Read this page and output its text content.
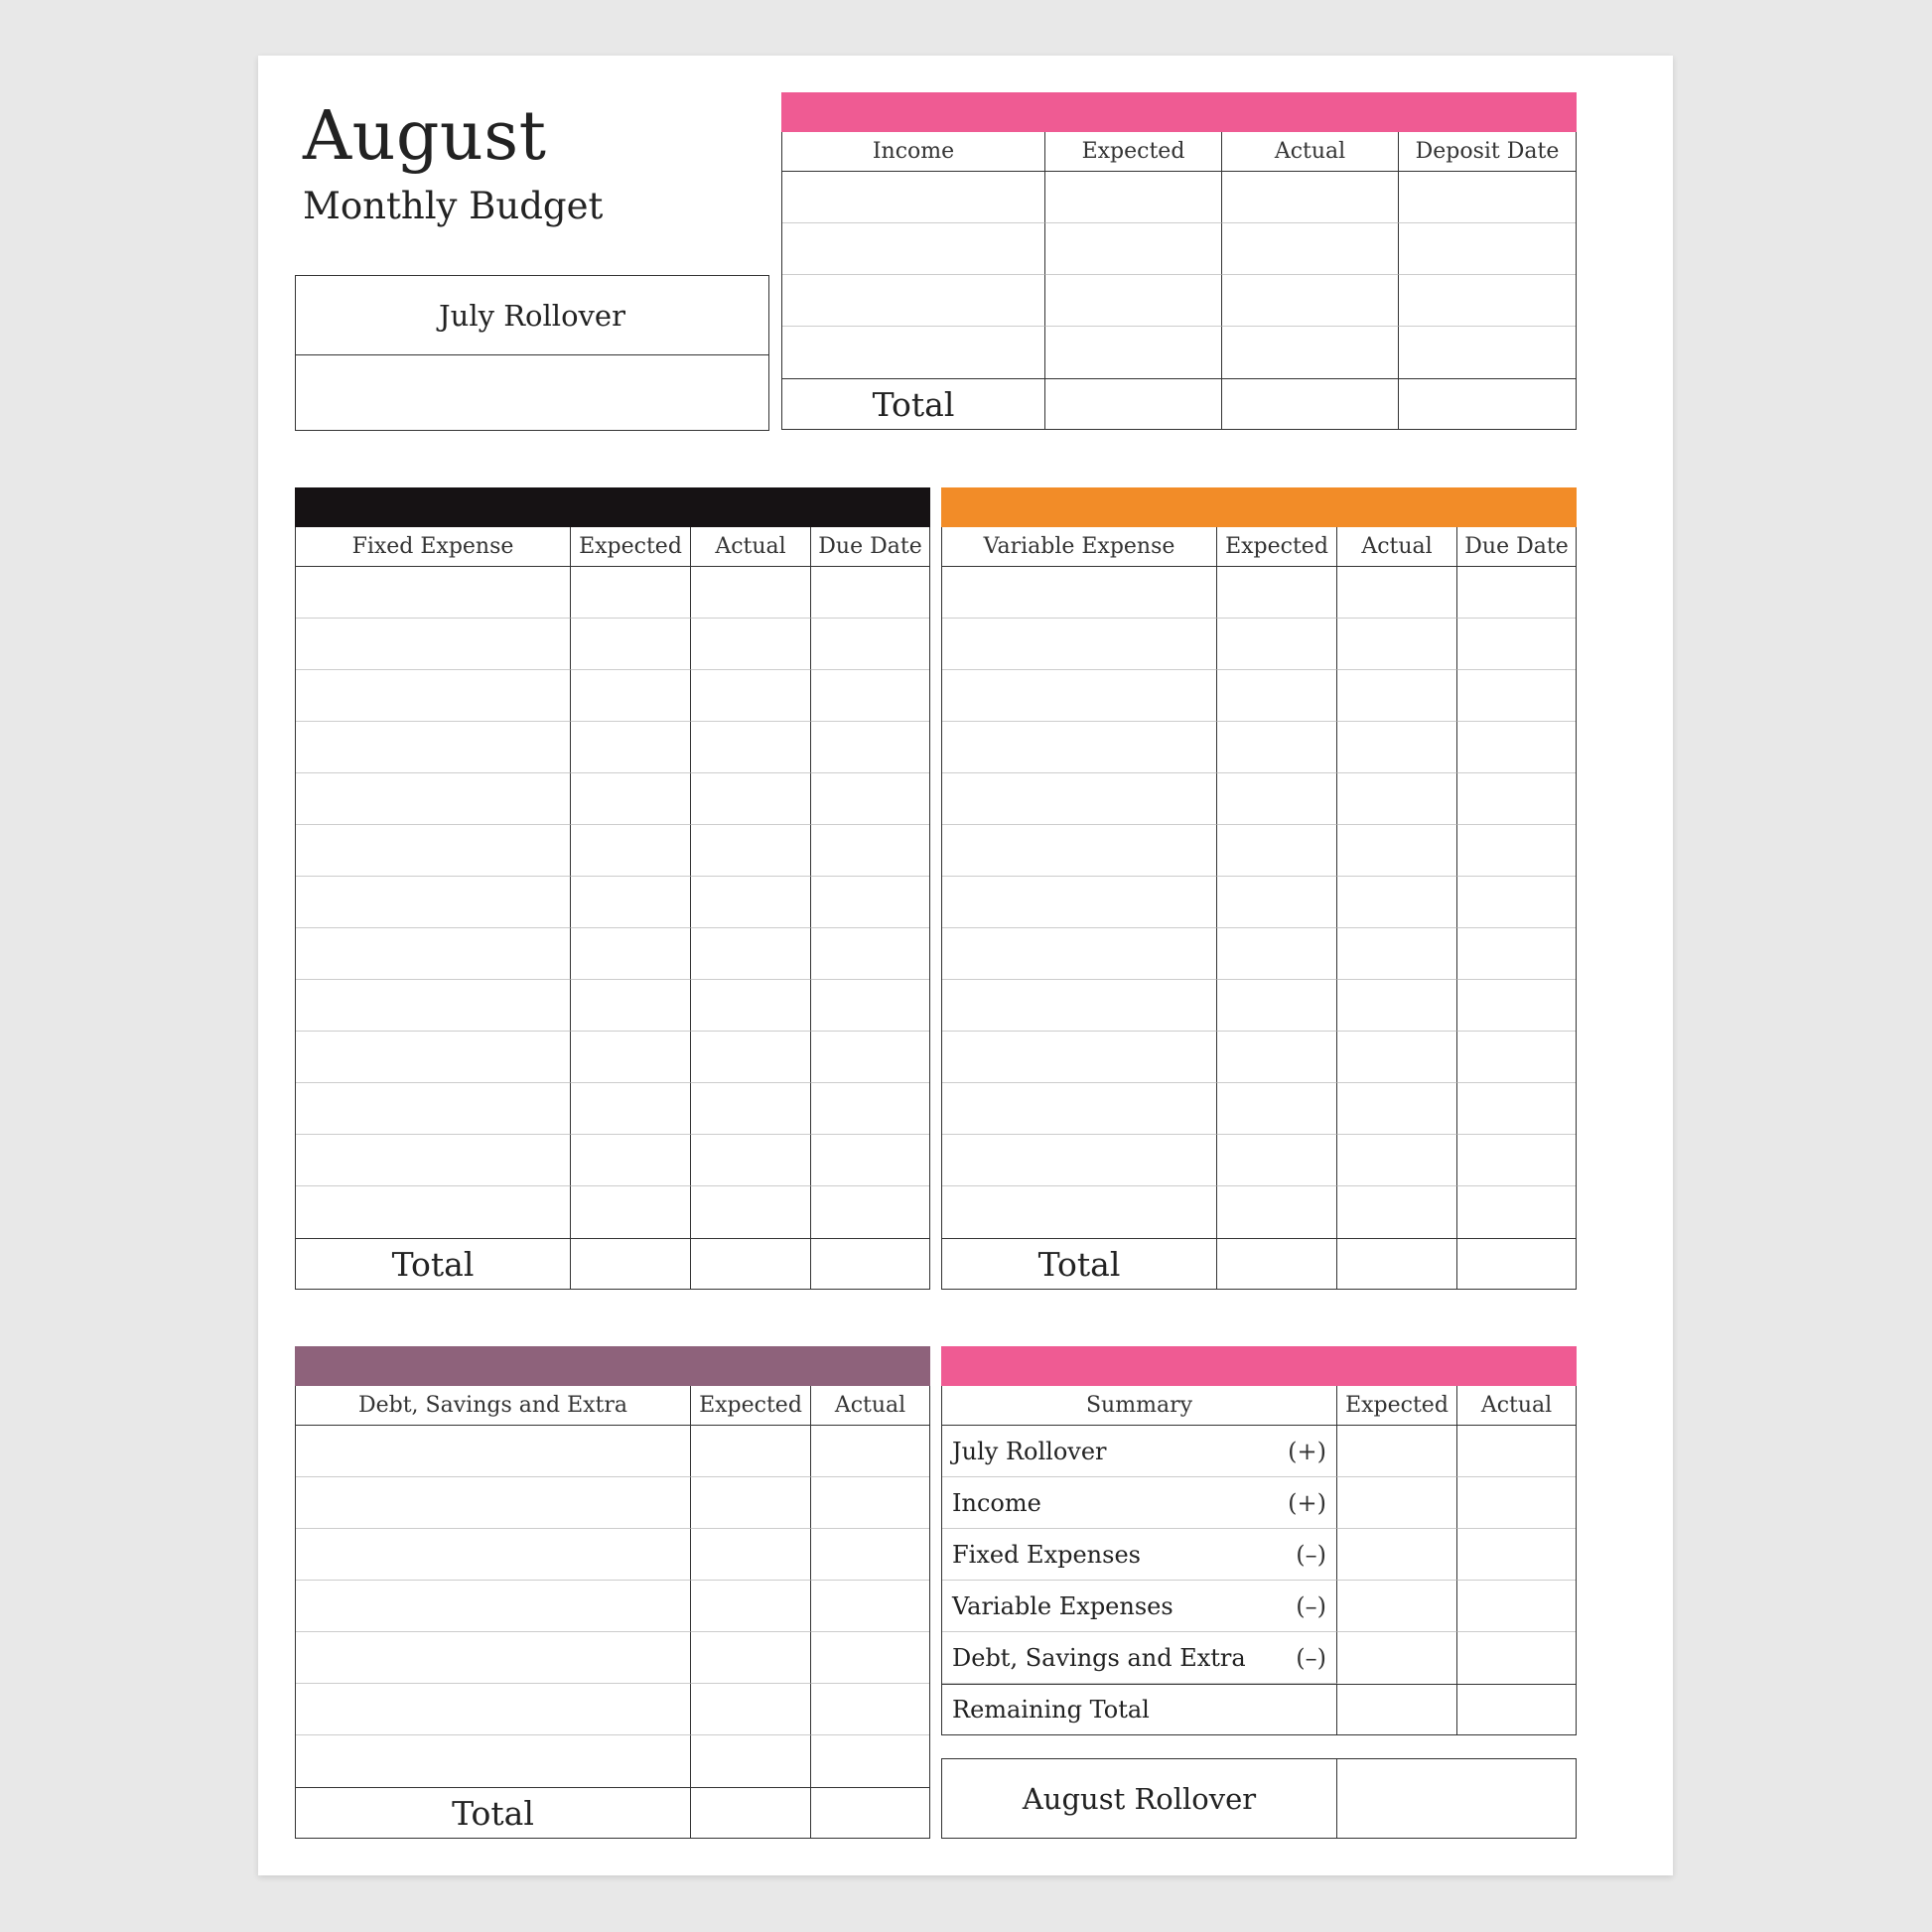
August
Monthly Budget
July Rollover
Income	Expected	Actual	Deposit Date
Total
Fixed Expense	Expected	Actual	Due Date
Total
Variable Expense	Expected	Actual	Due Date
Total
Debt, Savings and Extra	Expected	Actual
Total
Summary	Expected	Actual
July Rollover	(+)
Income	(+)
Fixed Expenses	(–)
Variable Expenses	(–)
Debt, Savings and Extra (–)
Remaining Total
August Rollover
